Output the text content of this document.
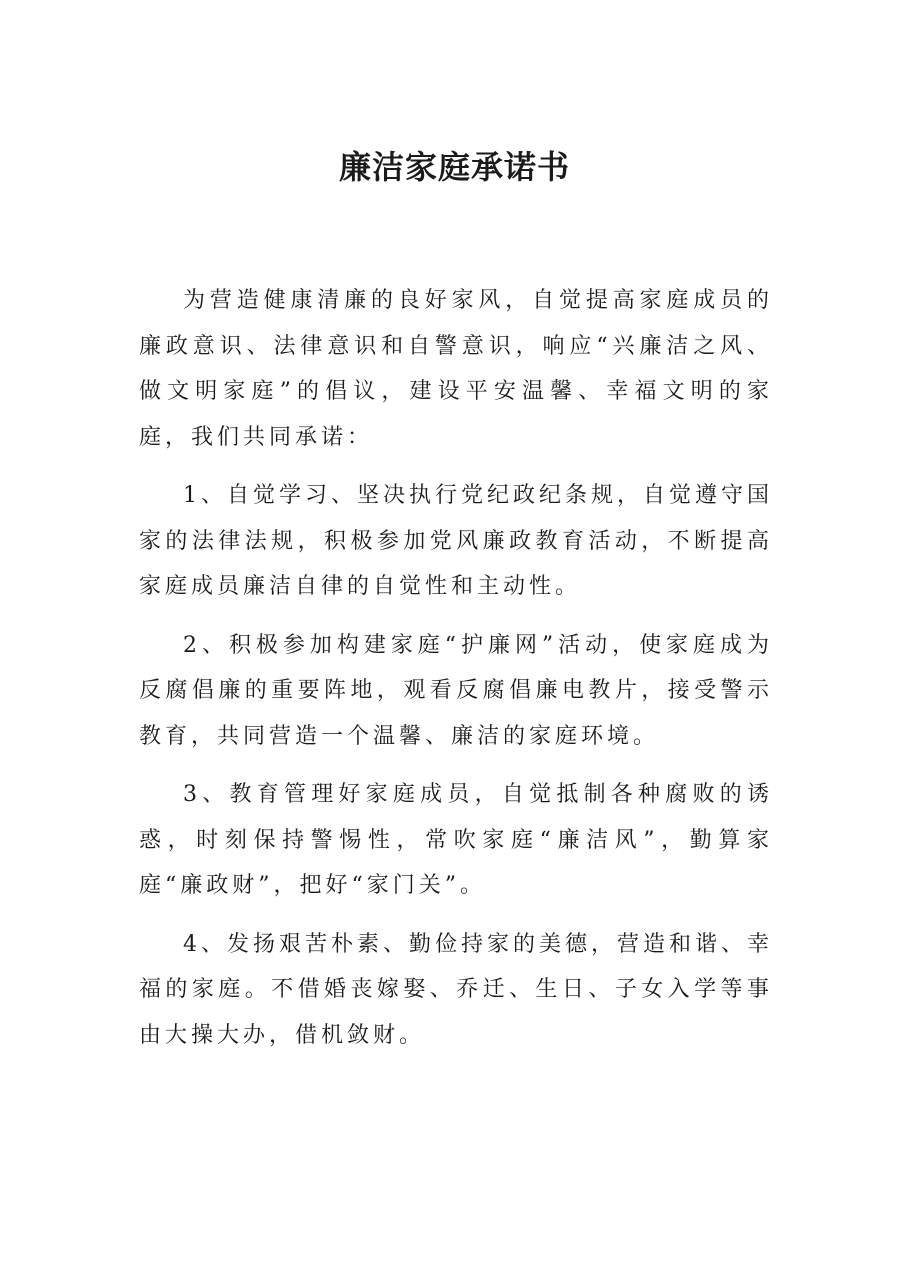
廉洁家庭承诺书

为营造健康清廉的良好家风，自觉提高家庭成员的廉政意识、法律意识和自警意识，响应“兴廉洁之风、做文明家庭”的倡议，建设平安温馨、幸福文明的家庭，我们共同承诺：

1、自觉学习、坚决执行党纪政纪条规，自觉遵守国家的法律法规，积极参加党风廉政教育活动，不断提高家庭成员廉洁自律的自觉性和主动性。

2、积极参加构建家庭“护廉网”活动，使家庭成为反腐倡廉的重要阵地，观看反腐倡廉电教片，接受警示教育，共同营造一个温馨、廉洁的家庭环境。

3、教育管理好家庭成员，自觉抵制各种腐败的诱惑，时刻保持警惕性，常吹家庭“廉洁风”，勤算家庭“廉政财”，把好“家门关”。

4、发扬艰苦朴素、勤俭持家的美德，营造和谐、幸福的家庭。不借婚丧嫁娶、乔迁、生日、子女入学等事由大操大办，借机敛财。
